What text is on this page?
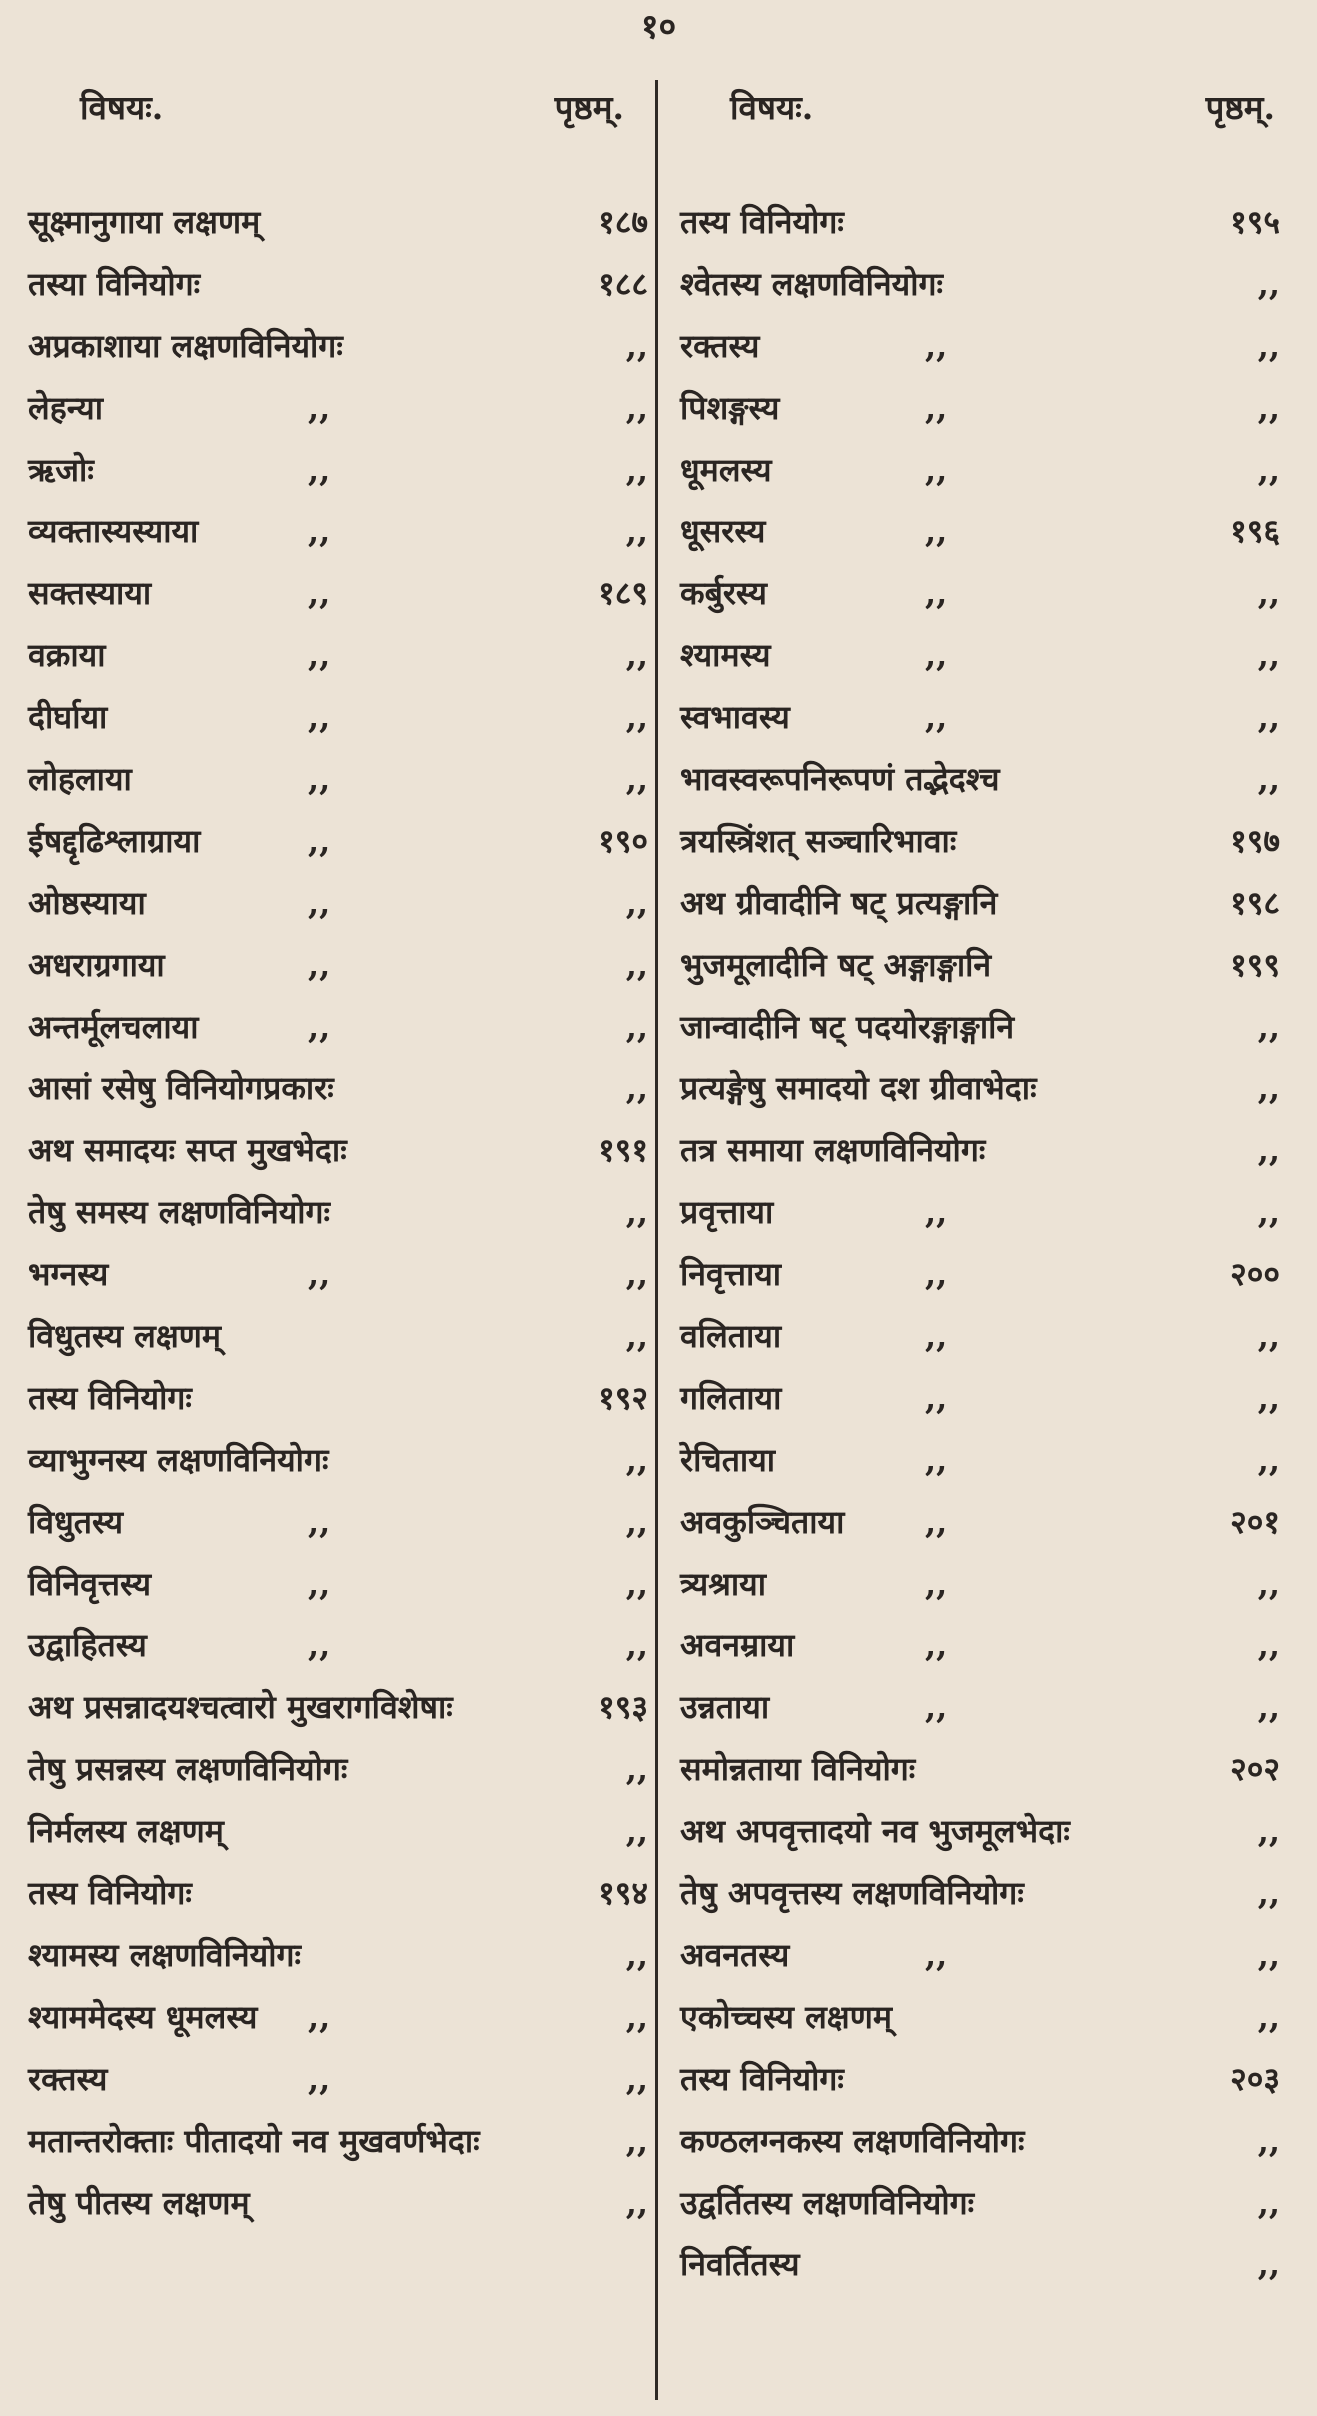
१०
विषयः.	पृष्ठम्.
सूक्ष्मानुगाया लक्षणम्	१८७
तस्या विनियोगः	१८८
अप्रकाशाया लक्षणविनियोगः	,,
लेहन्या	,,	,,
ऋजोः	,,	,,
व्यक्तास्यस्याया	,,	,,
सक्तस्याया	,,	१८९
वक्राया	,,	,,
दीर्घाया	,,	,,
लोहलाया	,,	,,
ईषद्दृढिश्लाग्राया	,,	१९०
ओष्ठस्याया	,,	,,
अधराग्रगाया	,,	,,
अन्तर्मूलचलाया	,,	,,
आसां रसेषु विनियोगप्रकारः	,,
अथ समादयः सप्त मुखभेदाः	१९१
तेषु समस्य लक्षणविनियोगः	,,
भग्नस्य	,,	,,
विधुतस्य लक्षणम्	,,
तस्य विनियोगः	१९२
व्याभुग्नस्य लक्षणविनियोगः	,,
विधुतस्य	,,	,,
विनिवृत्तस्य	,,	,,
उद्वाहितस्य	,,	,,
अथ प्रसन्नादयश्चत्वारो मुखरागविशेषाः	१९३
तेषु प्रसन्नस्य लक्षणविनियोगः	,,
निर्मलस्य लक्षणम्	,,
तस्य विनियोगः	१९४
श्यामस्य लक्षणविनियोगः	,,
श्याममेदस्य धूमलस्य ,,	,,
रक्तस्य	,,	,,
मतान्तरोक्ताः पीतादयो नव मुखवर्णभेदाः	,,
तेषु पीतस्य लक्षणम्	,,
विषयः.	पृष्ठम्.
तस्य विनियोगः	१९५
श्वेतस्य लक्षणविनियोगः	,,
रक्तस्य	,,	,,
पिशङ्गस्य	,,	,,
धूमलस्य	,,	,,
धूसरस्य	,,	१९६
कर्बुरस्य	,,	,,
श्यामस्य	,,	,,
स्वभावस्य	,,	,,
भावस्वरूपनिरूपणं तद्भेदश्च	,,
त्रयस्त्रिंशत् सञ्चारिभावाः	१९७
अथ ग्रीवादीनि षट् प्रत्यङ्गानि	१९८
भुजमूलादीनि षट् अङ्गाङ्गानि	१९९
जान्वादीनि षट् पदयोरङ्गाङ्गानि	,,
प्रत्यङ्गेषु समादयो दश ग्रीवाभेदाः	,,
तत्र समाया लक्षणविनियोगः	,,
प्रवृत्ताया	,,	,,
निवृत्ताया	,,	२००
वलिताया	,,	,,
गलिताया	,,	,,
रेचिताया	,,	,,
अवकुञ्चिताया	,,	२०१
त्र्यश्राया	,,	,,
अवनम्राया	,,	,,
उन्नताया	,,	,,
समोन्नताया विनियोगः	२०२
अथ अपवृत्तादयो नव भुजमूलभेदाः	,,
तेषु अपवृत्तस्य लक्षणविनियोगः	,,
अवनतस्य	,,	,,
एकोच्चस्य लक्षणम्	,,
तस्य विनियोगः	२०३
कण्ठलग्नकस्य लक्षणविनियोगः	,,
उद्वर्तितस्य लक्षणविनियोगः	,,
निवर्तितस्य	,,
